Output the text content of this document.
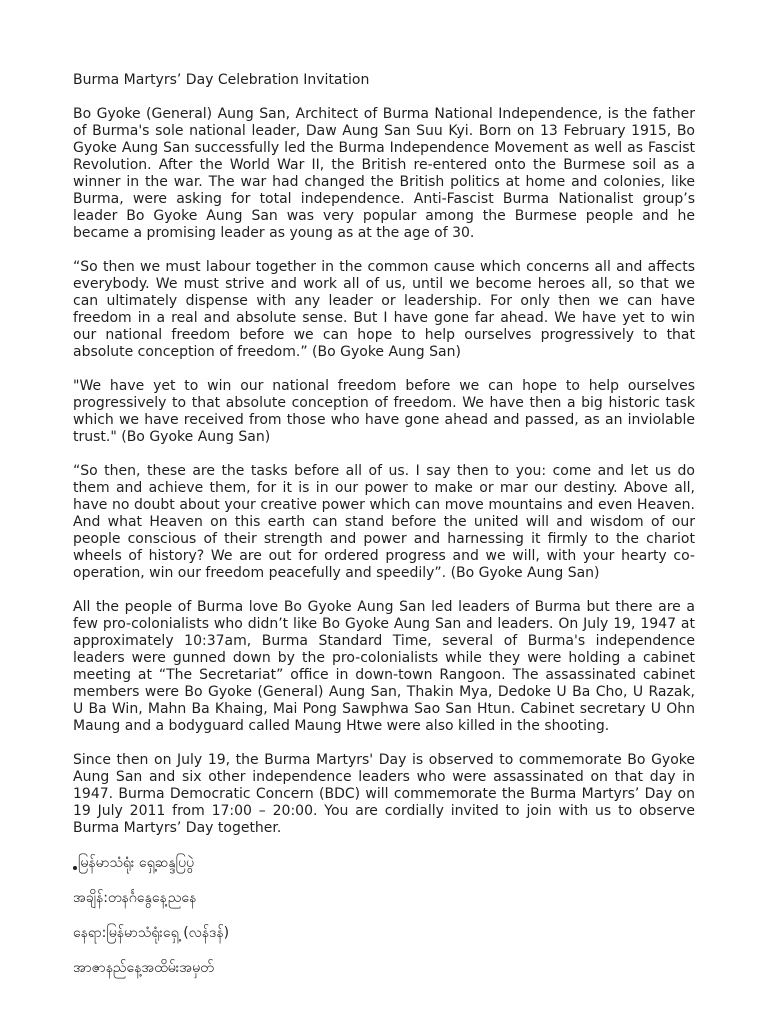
Burma Martyrs’ Day Celebration Invitation

Bo Gyoke (General) Aung San, Architect of Burma National Independence, is the father of Burma's sole national leader, Daw Aung San Suu Kyi. Born on 13 February 1915, Bo Gyoke Aung San successfully led the Burma Independence Movement as well as Fascist Revolution. After the World War II, the British re-entered onto the Burmese soil as a winner in the war. The war had changed the British politics at home and colonies, like Burma, were asking for total independence. Anti-Fascist Burma Nationalist group’s leader Bo Gyoke Aung San was very popular among the Burmese people and he became a promising leader as young as at the age of 30.

“So then we must labour together in the common cause which concerns all and affects everybody. We must strive and work all of us, until we become heroes all, so that we can ultimately dispense with any leader or leadership. For only then we can have freedom in a real and absolute sense. But I have gone far ahead. We have yet to win our national freedom before we can hope to help ourselves progressively to that absolute conception of freedom.” (Bo Gyoke Aung San)

"We have yet to win our national freedom before we can hope to help ourselves progressively to that absolute conception of freedom. We have then a big historic task which we have received from those who have gone ahead and passed, as an inviolable trust." (Bo Gyoke Aung San)

“So then, these are the tasks before all of us. I say then to you: come and let us do them and achieve them, for it is in our power to make or mar our destiny. Above all, have no doubt about your creative power which can move mountains and even Heaven. And what Heaven on this earth can stand before the united will and wisdom of our people conscious of their strength and power and harnessing it firmly to the chariot wheels of history? We are out for ordered progress and we will, with your hearty co-operation, win our freedom peacefully and speedily”. (Bo Gyoke Aung San)

All the people of Burma love Bo Gyoke Aung San led leaders of Burma but there are a few pro-colonialists who didn’t like Bo Gyoke Aung San and leaders. On July 19, 1947 at approximately 10:37am, Burma Standard Time, several of Burma's independence leaders were gunned down by the pro-colonialists while they were holding a cabinet meeting at “The Secretariat” office in down-town Rangoon. The assassinated cabinet members were Bo Gyoke (General) Aung San, Thakin Mya, Dedoke U Ba Cho, U Razak, U Ba Win, Mahn Ba Khaing, Mai Pong Sawphwa Sao San Htun. Cabinet secretary U Ohn Maung and a bodyguard called Maung Htwe were also killed in the shooting.

Since then on July 19, the Burma Martyrs' Day is observed to commemorate Bo Gyoke Aung San and six other independence leaders who were assassinated on that day in 1947. Burma Democratic Concern (BDC) will commemorate the Burma Martyrs’ Day on 19 July 2011 from 17:00 – 20:00. You are cordially invited to join with us to observe Burma Martyrs’ Day together.

မြန်မာသံရုံး ရှေ့ဆန္ဒပြပွဲ
အချိန်:တနင်္ဂနွေနေ့ညနေ
နေရာ:မြန်မာသံရုံးရှေ့ (လန်ဒန်)
အာဇာနည်နေ့အထိမ်းအမှတ်
